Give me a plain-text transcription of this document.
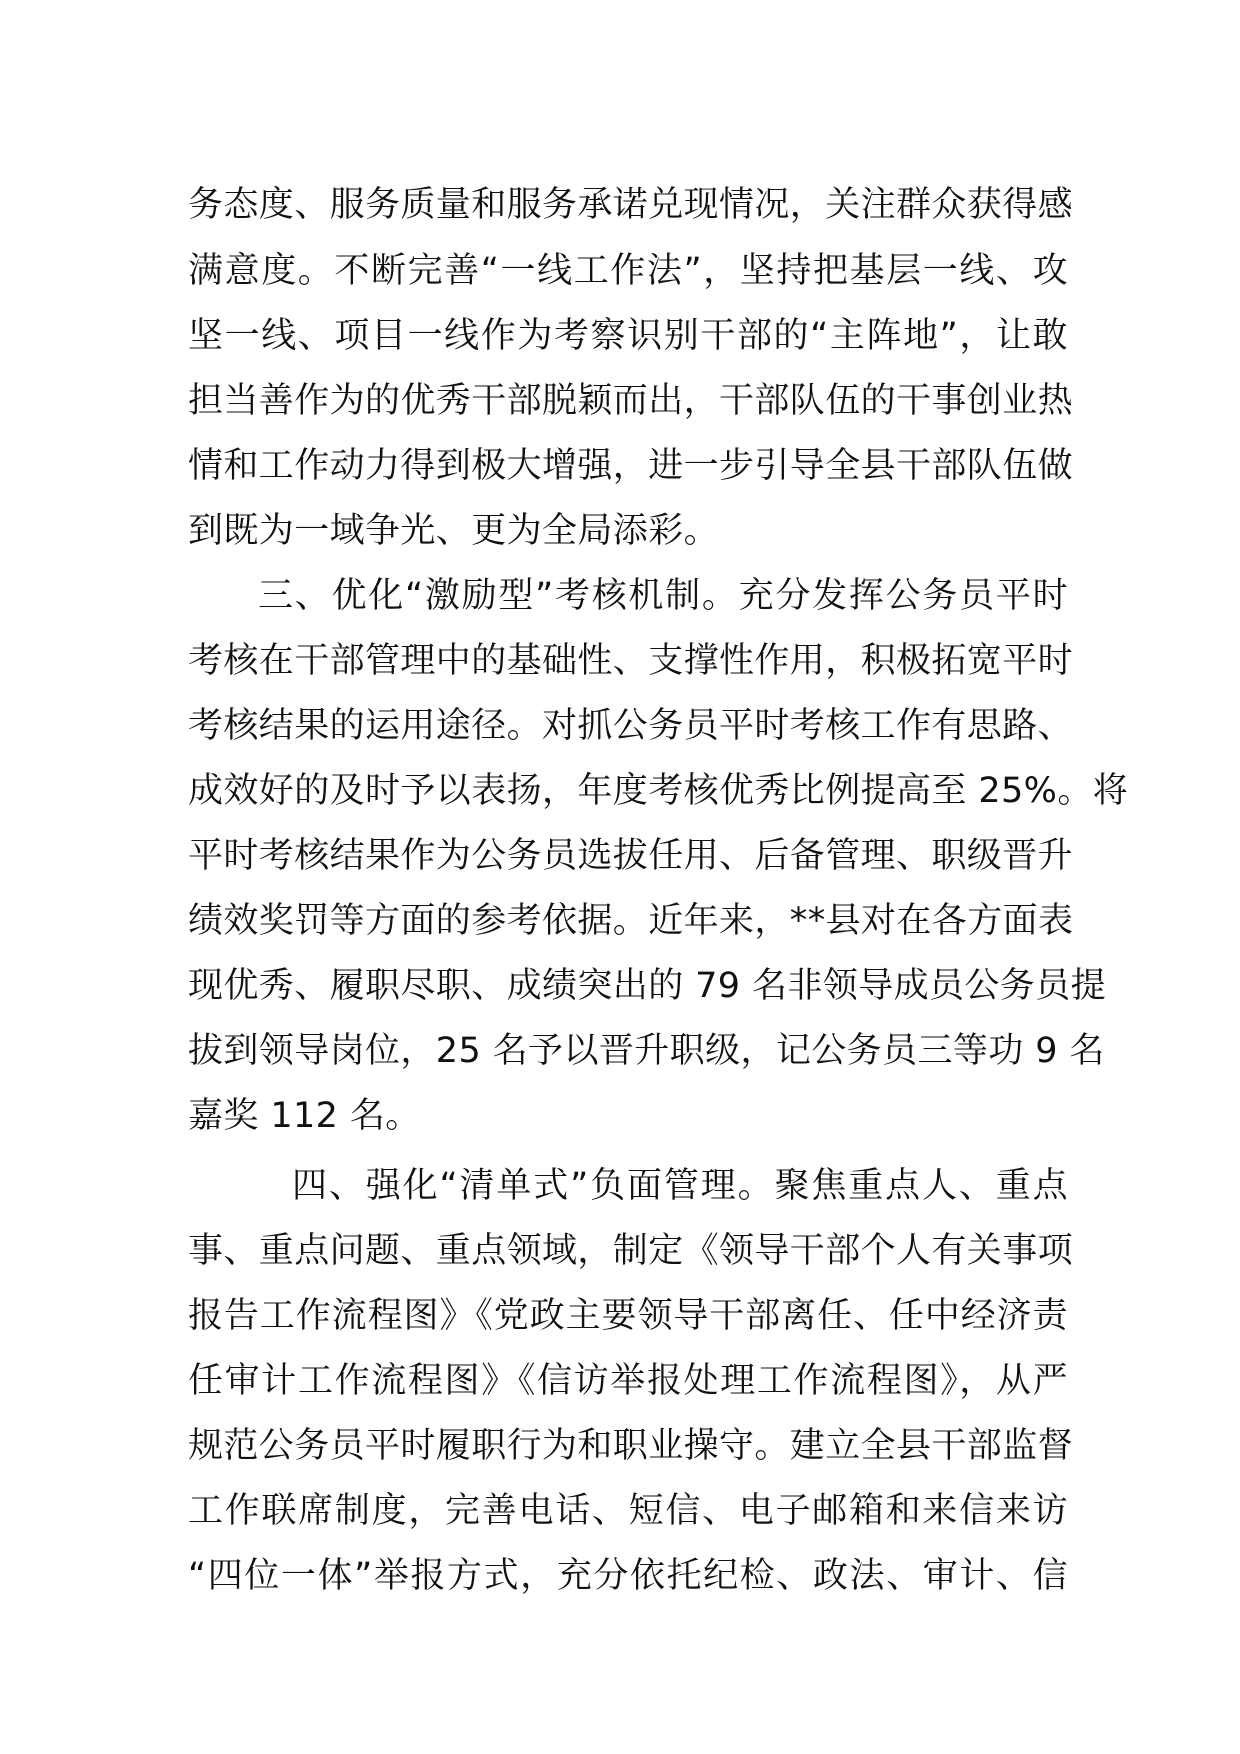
务态度、服务质量和服务承诺兑现情况，关注群众获得感
满意度。不断完善“一线工作法”，坚持把基层一线、攻
坚一线、项目一线作为考察识别干部的“主阵地”，让敢
担当善作为的优秀干部脱颖而出，干部队伍的干事创业热
情和工作动力得到极大增强，进一步引导全县干部队伍做
到既为一域争光、更为全局添彩。
三、优化“激励型”考核机制。充分发挥公务员平时
考核在干部管理中的基础性、支撑性作用，积极拓宽平时
考核结果的运用途径。对抓公务员平时考核工作有思路、
成效好的及时予以表扬，年度考核优秀比例提高至 25%。将
平时考核结果作为公务员选拔任用、后备管理、职级晋升
绩效奖罚等方面的参考依据。近年来，**县对在各方面表
现优秀、履职尽职、成绩突出的 79 名非领导成员公务员提
拔到领导岗位，25 名予以晋升职级，记公务员三等功 9 名
嘉奖 112 名。
四、强化“清单式”负面管理。聚焦重点人、重点
事、重点问题、重点领域，制定《领导干部个人有关事项
报告工作流程图》《党政主要领导干部离任、任中经济责
任审计工作流程图》《信访举报处理工作流程图》，从严
规范公务员平时履职行为和职业操守。建立全县干部监督
工作联席制度，完善电话、短信、电子邮箱和来信来访
“四位一体”举报方式，充分依托纪检、政法、审计、信
